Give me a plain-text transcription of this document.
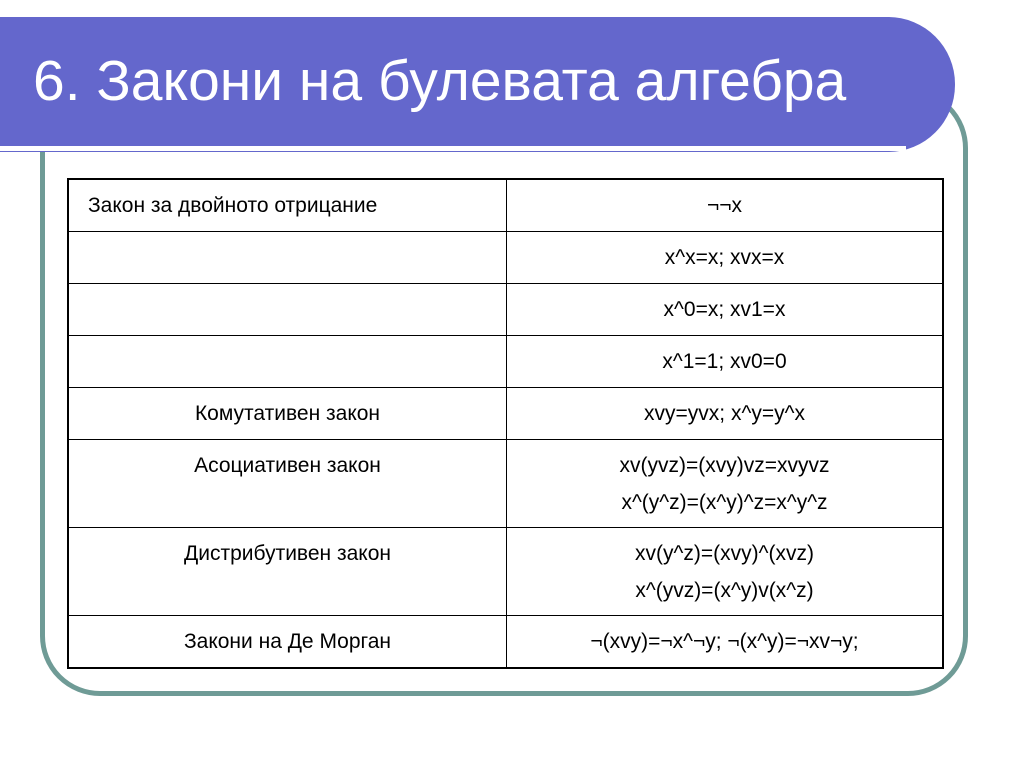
6. Закони на булевата алгебра
Закон за двойното отрицание	¬¬x

	x^x=x; xvx=x

	x^0=x; xv1=x

	x^1=1; xv0=0

Комутативен закон	xvy=yvx; x^y=y^x

Асоциативен закон	xv(yvz)=(xvy)vz=xvyvz
x^(y^z)=(x^y)^z=x^y^z

Дистрибутивен закон	xv(y^z)=(xvy)^(xvz)
x^(yvz)=(x^y)v(x^z)

Закони на Де Морган	¬(xvy)=¬x^¬y; ¬(x^y)=¬xv¬y;
